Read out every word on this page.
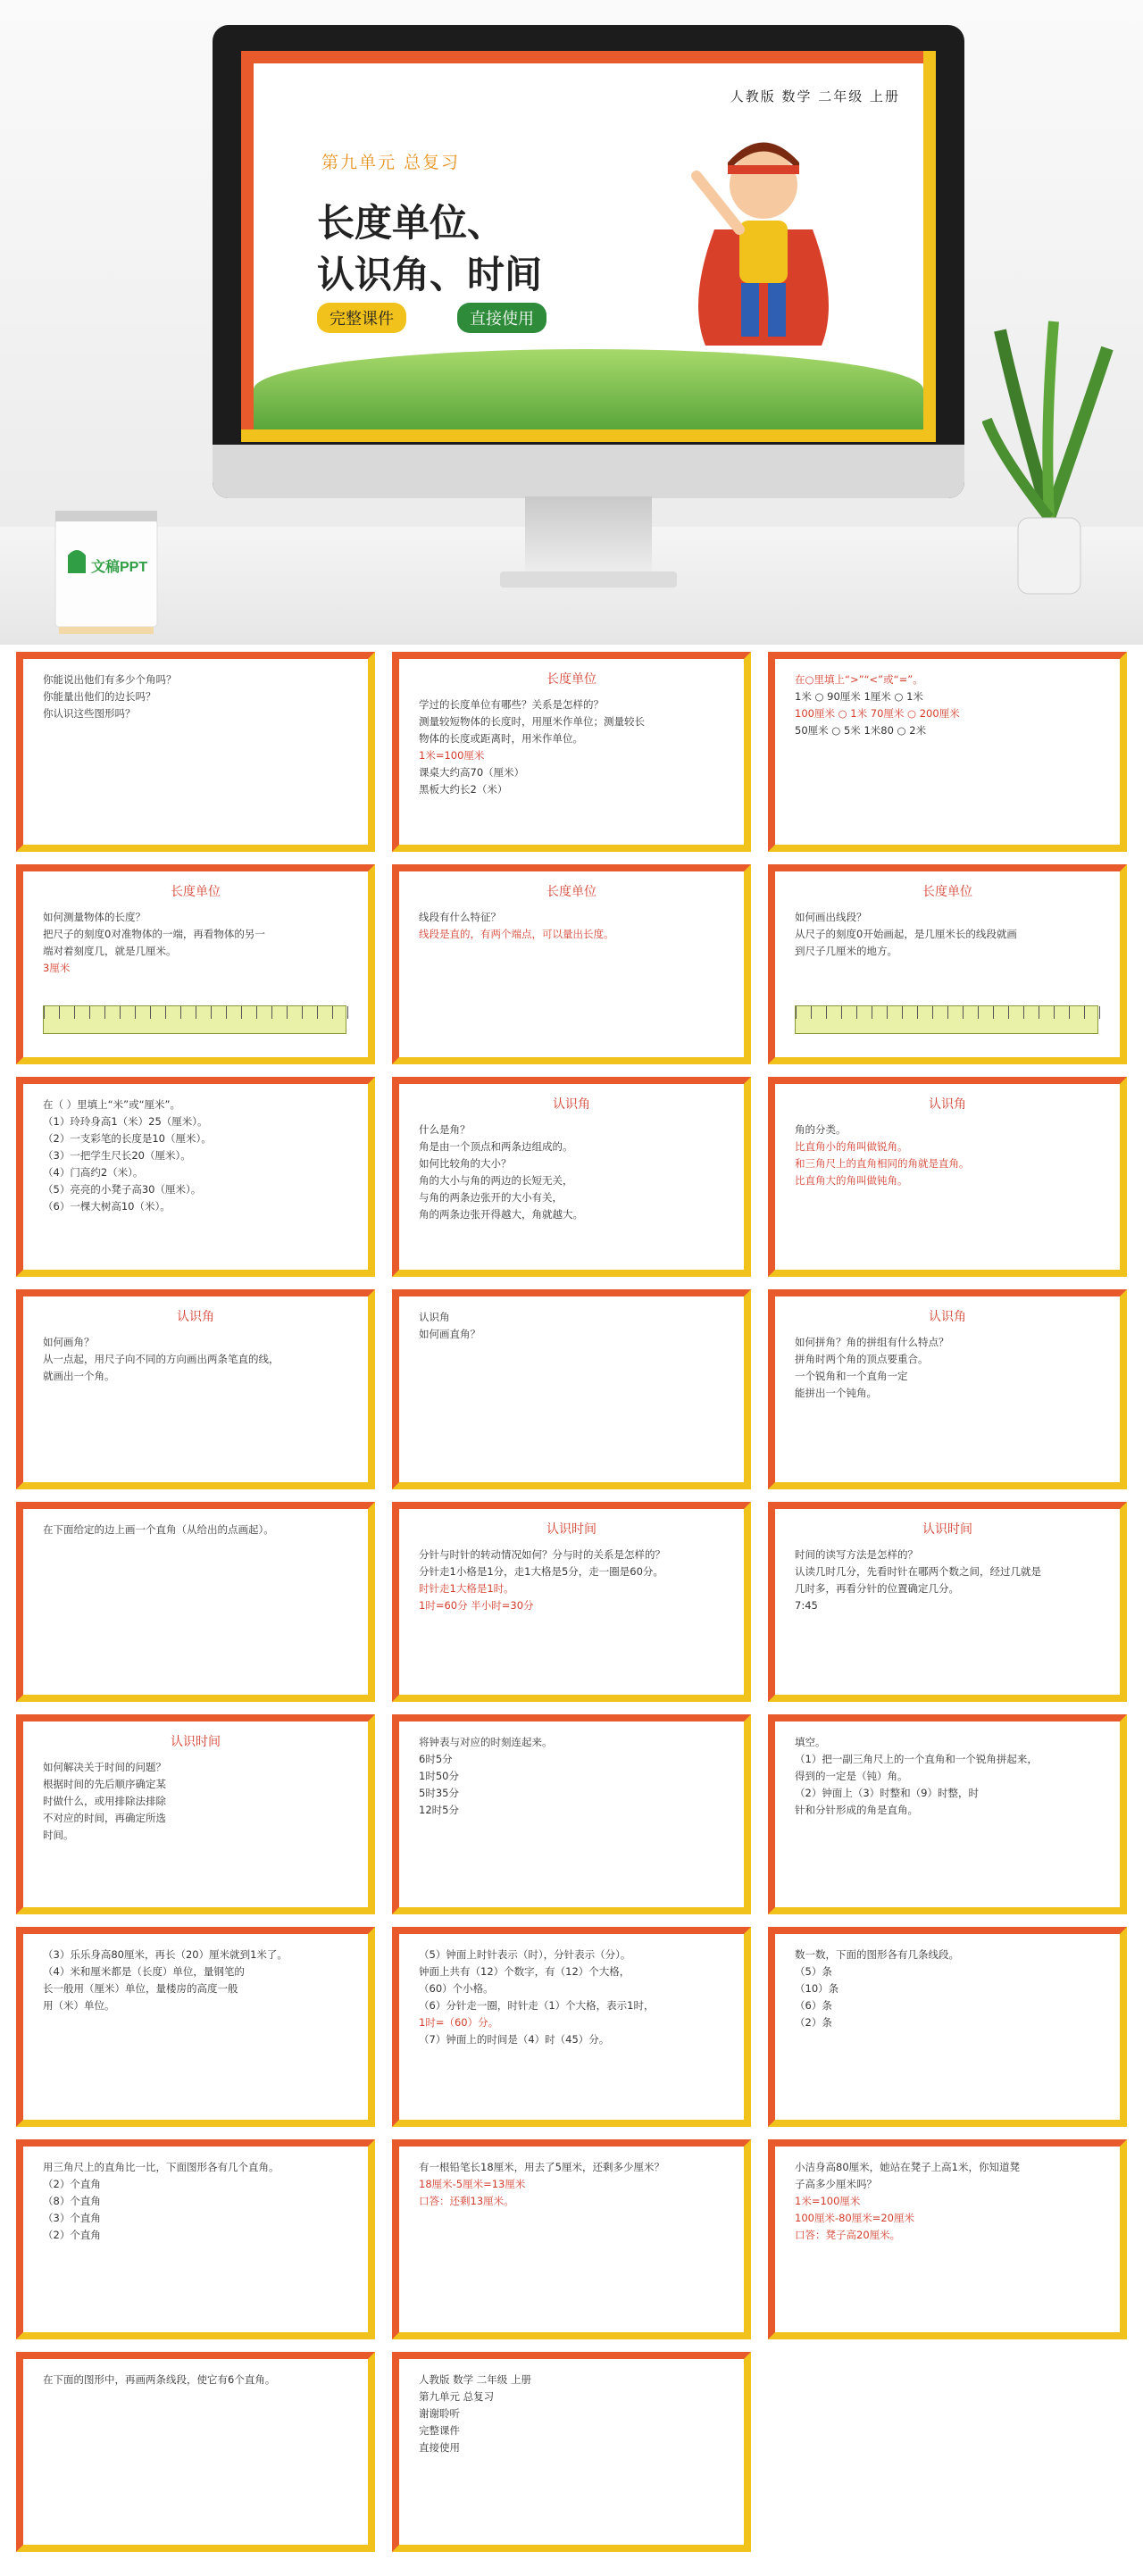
人教版 数学 二年级 上册
第九单元 总复习
长度单位、
认识角、时间
完整课件	直接使用
文稿PPT
你能说出他们有多少个角吗？
你能量出他们的边长吗？
你认识这些图形吗？
长度单位
学过的长度单位有哪些？关系是怎样的？
测量较短物体的长度时，用厘米作单位；测量较长
物体的长度或距离时，用米作单位。
1米=100厘米
课桌大约高70（厘米）
黑板大约长2（米）
在○里填上“>”“<”或“=”。
1米 ○ 90厘米 1厘米 ○ 1米
100厘米 ○ 1米 70厘米 ○ 200厘米
50厘米 ○ 5米 1米80 ○ 2米
长度单位
如何测量物体的长度？
把尺子的刻度0对准物体的一端，再看物体的另一
端对着刻度几，就是几厘米。
3厘米
长度单位
线段有什么特征？
线段是直的，有两个端点，可以量出长度。
长度单位
如何画出线段？
从尺子的刻度0开始画起，是几厘米长的线段就画
到尺子几厘米的地方。
在（ ）里填上“米”或“厘米”。
（1）玲玲身高1（米）25（厘米）。
（2）一支彩笔的长度是10（厘米）。
（3）一把学生尺长20（厘米）。
（4）门高约2（米）。
（5）亮亮的小凳子高30（厘米）。
（6）一棵大树高10（米）。
认识角
什么是角？
角是由一个顶点和两条边组成的。
如何比较角的大小？
角的大小与角的两边的长短无关，
与角的两条边张开的大小有关，
角的两条边张开得越大，角就越大。
认识角
角的分类。
比直角小的角叫做锐角。
和三角尺上的直角相同的角就是直角。
比直角大的角叫做钝角。
认识角
如何画角？
从一点起，用尺子向不同的方向画出两条笔直的线，
就画出一个角。
认识角
如何画直角？
认识角
如何拼角？角的拼组有什么特点？
拼角时两个角的顶点要重合。
一个锐角和一个直角一定
能拼出一个钝角。
在下面给定的边上画一个直角（从给出的点画起）。	认识时间
分针与时针的转动情况如何？分与时的关系是怎样的？
分针走1小格是1分，走1大格是5分，走一圈是60分。
时针走1大格是1时。
1时=60分 半小时=30分
认识时间
时间的读写方法是怎样的？
认读几时几分，先看时针在哪两个数之间，经过几就是
几时多，再看分针的位置确定几分。
7:45
认识时间
如何解决关于时间的问题？
根据时间的先后顺序确定某
时做什么，或用排除法排除
不对应的时间，再确定所选
时间。
将钟表与对应的时刻连起来。
6时5分
1时50分
5时35分
12时5分
填空。
（1）把一副三角尺上的一个直角和一个锐角拼起来，
得到的一定是（钝）角。
（2）钟面上（3）时整和（9）时整，时
针和分针形成的角是直角。
（3）乐乐身高80厘米，再长（20）厘米就到1米了。
（4）米和厘米都是（长度）单位，量钢笔的
长一般用（厘米）单位，量楼房的高度一般
用（米）单位。
（5）钟面上时针表示（时），分针表示（分）。
钟面上共有（12）个数字，有（12）个大格，
（60）个小格。
（6）分针走一圈，时针走（1）个大格，表示1时，
1时=（60）分。
（7）钟面上的时间是（4）时（45）分。
数一数，下面的图形各有几条线段。
（5）条
（10）条
（6）条
（2）条
用三角尺上的直角比一比，下面图形各有几个直角。
（2）个直角
（8）个直角
（3）个直角
（2）个直角
有一根铅笔长18厘米，用去了5厘米，还剩多少厘米？
18厘米-5厘米=13厘米
口答：还剩13厘米。
小洁身高80厘米，她站在凳子上高1米，你知道凳
子高多少厘米吗？
1米=100厘米
100厘米-80厘米=20厘米
口答：凳子高20厘米。
在下面的图形中，再画两条线段，使它有6个直角。	人教版 数学 二年级 上册
第九单元 总复习
谢谢聆听
完整课件
直接使用
